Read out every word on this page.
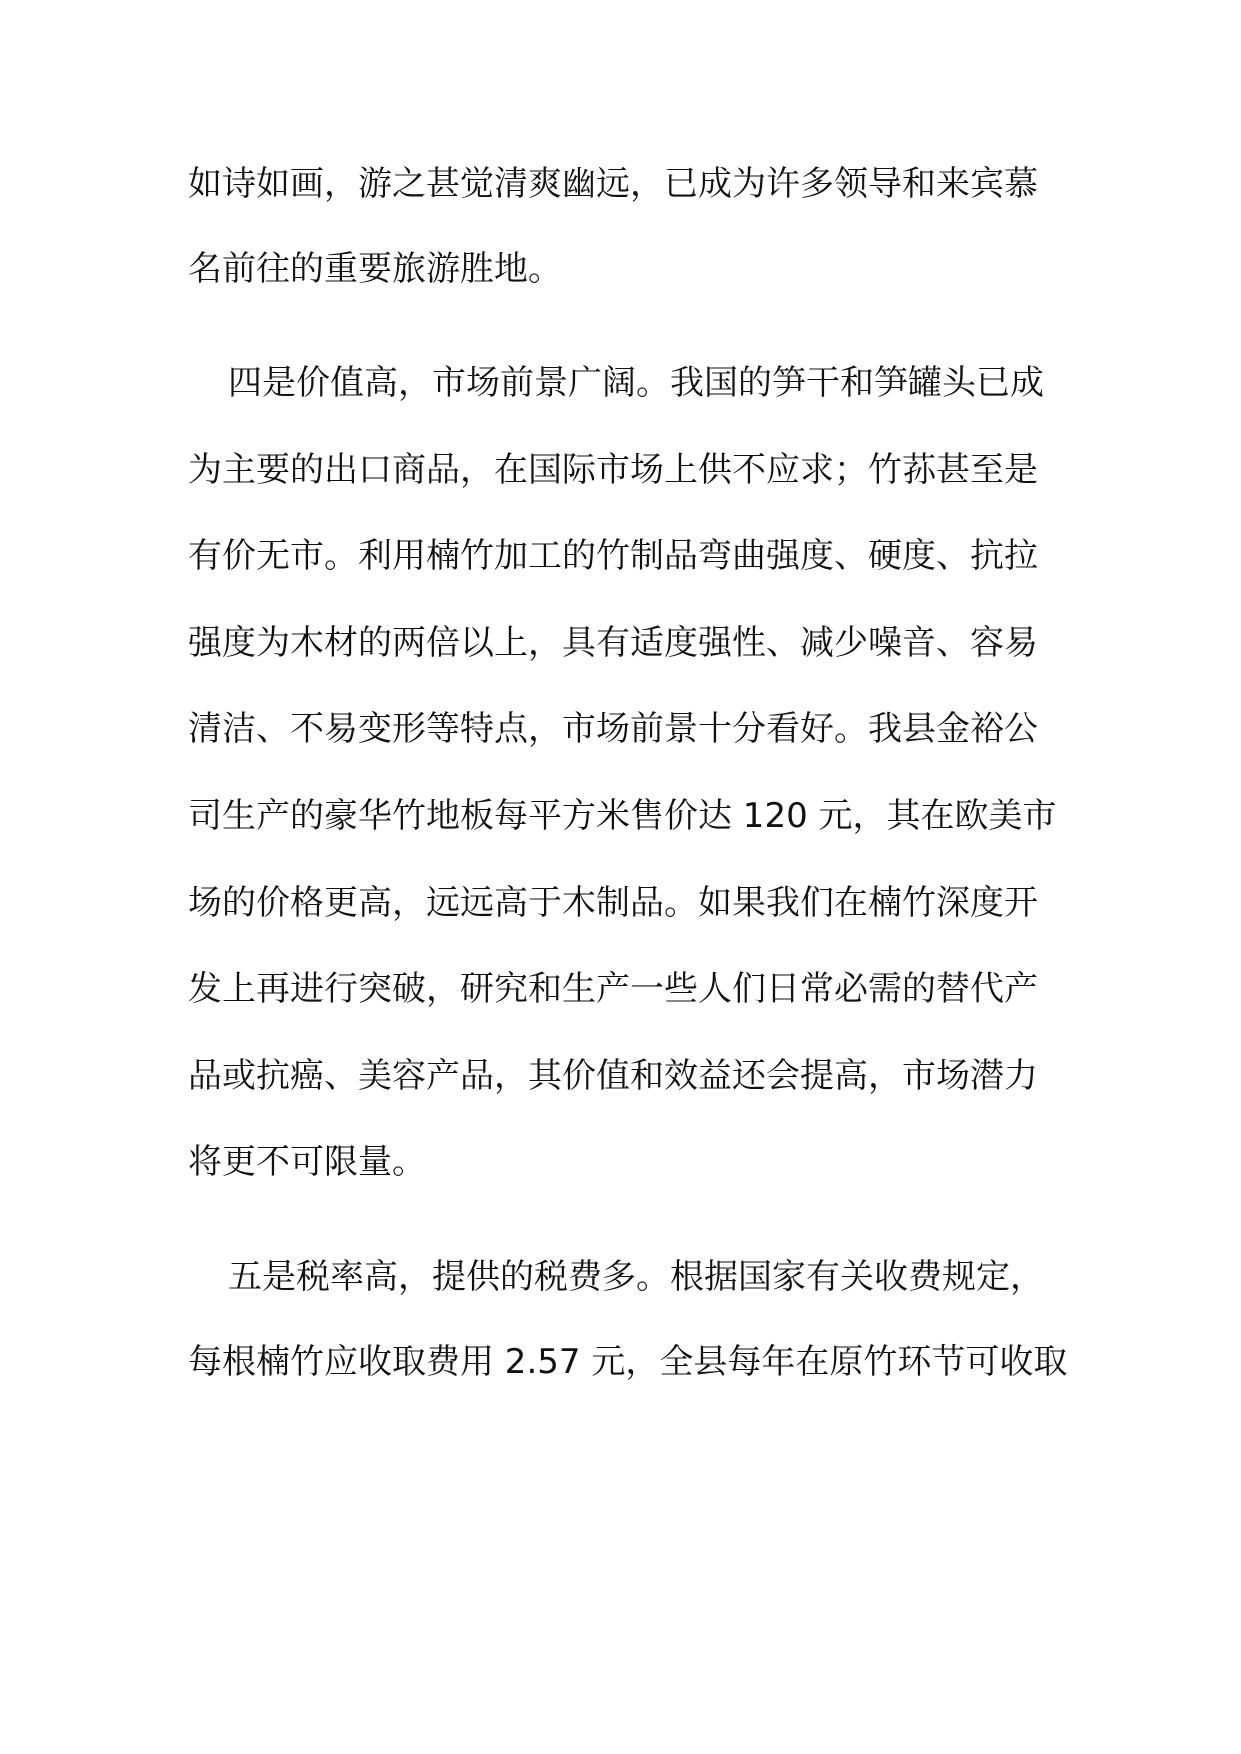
如诗如画，游之甚觉清爽幽远，已成为许多领导和来宾慕
名前往的重要旅游胜地。
四是价值高，市场前景广阔。我国的笋干和笋罐头已成
为主要的出口商品，在国际市场上供不应求；竹荪甚至是
有价无市。利用楠竹加工的竹制品弯曲强度、硬度、抗拉
强度为木材的两倍以上，具有适度强性、减少噪音、容易
清洁、不易变形等特点，市场前景十分看好。我县金裕公
司生产的豪华竹地板每平方米售价达 120 元，其在欧美市
场的价格更高，远远高于木制品。如果我们在楠竹深度开
发上再进行突破，研究和生产一些人们日常必需的替代产
品或抗癌、美容产品，其价值和效益还会提高，市场潜力
将更不可限量。
五是税率高，提供的税费多。根据国家有关收费规定，
每根楠竹应收取费用 2.57 元，全县每年在原竹环节可收取
